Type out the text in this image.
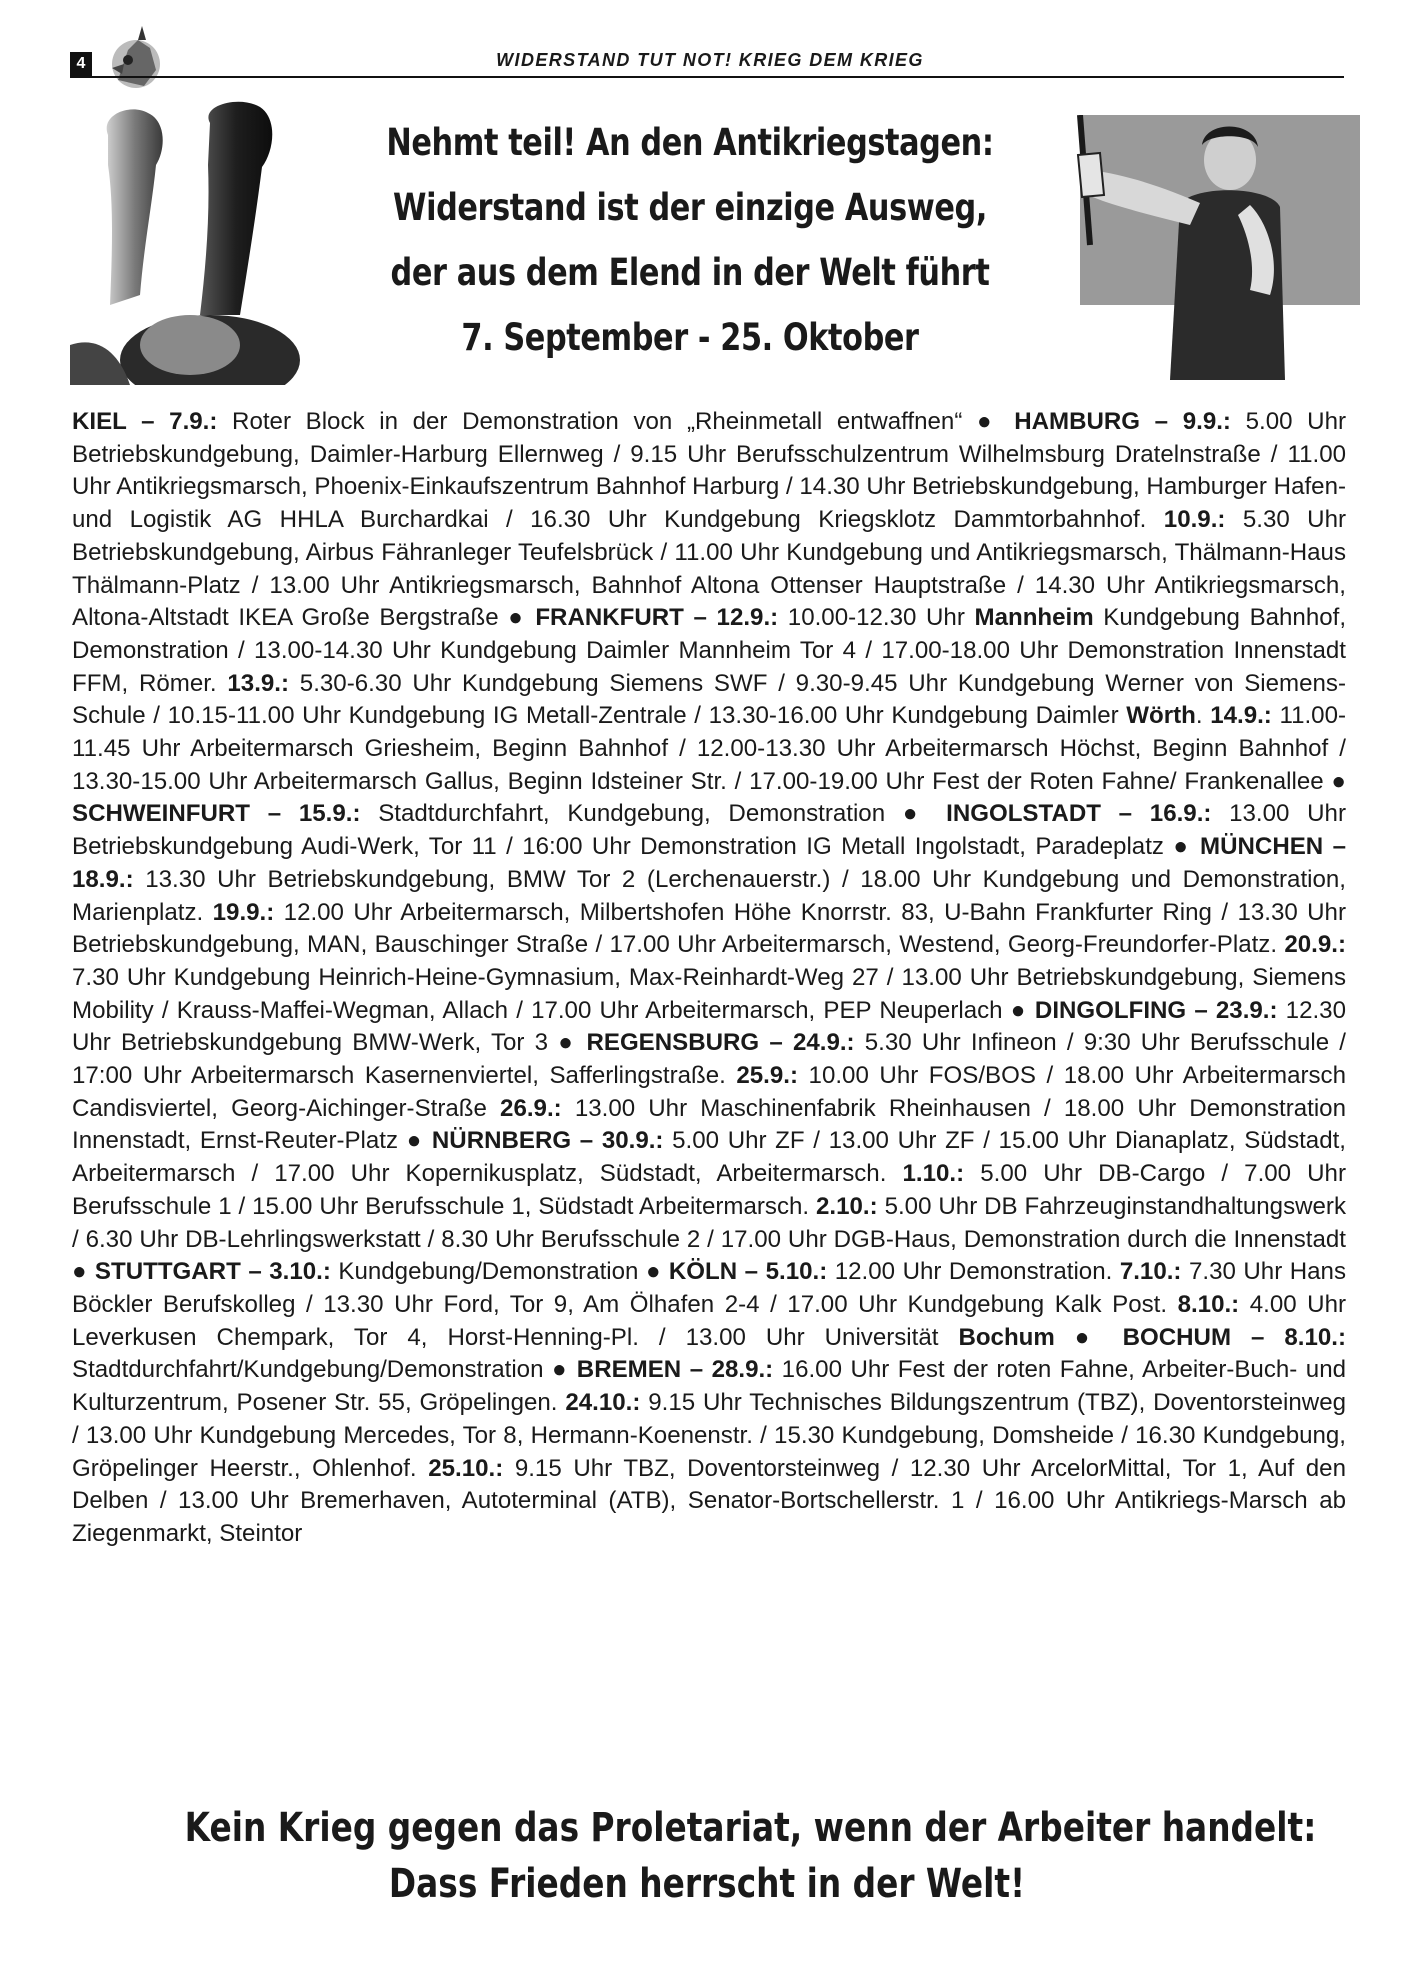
4	WIDERSTAND TUT NOT! KRIEG DEM KRIEG
Nehmt teil! An den Antikriegstagen:
Widerstand ist der einzige Ausweg,
der aus dem Elend in der Welt führt
7. September - 25. Oktober
KIEL – 7.9.: Roter Block in der Demonstration von „Rheinmetall entwaffnen“ ● HAMBURG – 9.9.: 5.00 Uhr Betriebskundgebung, Daimler-Harburg Ellernweg / 9.15 Uhr Berufsschulzentrum Wilhelmsburg Dratelnstraße / 11.00 Uhr Antikriegsmarsch, Phoenix-Einkaufszentrum Bahnhof Harburg / 14.30 Uhr Betriebskundgebung, Hamburger Hafen- und Logistik AG HHLA Burchardkai / 16.30 Uhr Kundgebung Kriegsklotz Dammtorbahnhof. 10.9.: 5.30 Uhr Betriebskundgebung, Airbus Fähranleger Teufelsbrück / 11.00 Uhr Kundgebung und Antikriegsmarsch, Thälmann-Haus Thälmann-Platz / 13.00 Uhr Antikriegsmarsch, Bahnhof Altona Ottenser Hauptstraße / 14.30 Uhr Antikriegsmarsch, Altona-Altstadt IKEA Große Bergstraße ● FRANKFURT – 12.9.: 10.00-12.30 Uhr Mannheim Kundgebung Bahnhof, Demonstration / 13.00-14.30 Uhr Kundgebung Daimler Mannheim Tor 4 / 17.00-18.00 Uhr Demonstration Innenstadt FFM, Römer. 13.9.: 5.30-6.30 Uhr Kundgebung Siemens SWF / 9.30-9.45 Uhr Kundgebung Werner von Siemens-Schule / 10.15-11.00 Uhr Kundgebung IG Metall-Zentrale / 13.30-16.00 Uhr Kundgebung Daimler Wörth. 14.9.: 11.00-11.45 Uhr Arbeitermarsch Griesheim, Beginn Bahnhof / 12.00-13.30 Uhr Arbeitermarsch Höchst, Beginn Bahnhof / 13.30-15.00 Uhr Arbeitermarsch Gallus, Beginn Idsteiner Str. / 17.00-19.00 Uhr Fest der Roten Fahne/ Frankenallee ● SCHWEINFURT – 15.9.: Stadtdurchfahrt, Kundgebung, Demonstration ● INGOLSTADT – 16.9.: 13.00 Uhr Betriebskundgebung Audi-Werk, Tor 11 / 16:00 Uhr Demonstration IG Metall Ingolstadt, Paradeplatz ● MÜNCHEN – 18.9.: 13.30 Uhr Betriebskundgebung, BMW Tor 2 (Lerchenauerstr.) / 18.00 Uhr Kundgebung und Demonstration, Marienplatz. 19.9.: 12.00 Uhr Arbeitermarsch, Milbertshofen Höhe Knorrstr. 83, U-Bahn Frankfurter Ring / 13.30 Uhr Betriebskundgebung, MAN, Bauschinger Straße / 17.00 Uhr Arbeitermarsch, Westend, Georg-Freundorfer-Platz. 20.9.: 7.30 Uhr Kundgebung Heinrich-Heine-Gymnasium, Max-Reinhardt-Weg 27 / 13.00 Uhr Betriebskundgebung, Siemens Mobility / Krauss-Maffei-Wegman, Allach / 17.00 Uhr Arbeitermarsch, PEP Neuperlach ● DINGOLFING – 23.9.: 12.30 Uhr Betriebskundgebung BMW-Werk, Tor 3 ● REGENSBURG – 24.9.: 5.30 Uhr Infineon / 9:30 Uhr Berufsschule / 17:00 Uhr Arbeitermarsch Kasernenviertel, Safferlingstraße. 25.9.: 10.00 Uhr FOS/BOS / 18.00 Uhr Arbeitermarsch Candisviertel, Georg-Aichinger-Straße 26.9.: 13.00 Uhr Maschinenfabrik Rheinhausen / 18.00 Uhr Demonstration Innenstadt, Ernst-Reuter-Platz ● NÜRNBERG – 30.9.: 5.00 Uhr ZF / 13.00 Uhr ZF / 15.00 Uhr Dianaplatz, Südstadt, Arbeitermarsch / 17.00 Uhr Kopernikusplatz, Südstadt, Arbeitermarsch. 1.10.: 5.00 Uhr DB-Cargo / 7.00 Uhr Berufsschule 1 / 15.00 Uhr Berufsschule 1, Südstadt Arbeitermarsch. 2.10.: 5.00 Uhr DB Fahrzeuginstandhaltungswerk / 6.30 Uhr DB-Lehrlingswerkstatt / 8.30 Uhr Berufsschule 2 / 17.00 Uhr DGB-Haus, Demonstration durch die Innenstadt ● STUTTGART – 3.10.: Kundgebung/Demonstration ● KÖLN – 5.10.: 12.00 Uhr Demonstration. 7.10.: 7.30 Uhr Hans Böckler Berufskolleg / 13.30 Uhr Ford, Tor 9, Am Ölhafen 2-4 / 17.00 Uhr Kundgebung Kalk Post. 8.10.: 4.00 Uhr Leverkusen Chempark, Tor 4, Horst-Henning-Pl. / 13.00 Uhr Universität Bochum ● BOCHUM – 8.10.: Stadtdurchfahrt/Kundgebung/Demonstration ● BREMEN – 28.9.: 16.00 Uhr Fest der roten Fahne, Arbeiter-Buch- und Kulturzentrum, Posener Str. 55, Gröpelingen. 24.10.: 9.15 Uhr Technisches Bildungszentrum (TBZ), Doventorsteinweg / 13.00 Uhr Kundgebung Mercedes, Tor 8, Hermann-Koenenstr. / 15.30 Kundgebung, Domsheide / 16.30 Kundgebung, Gröpelinger Heerstr., Ohlenhof. 25.10.: 9.15 Uhr TBZ, Doventorsteinweg / 12.30 Uhr ArcelorMittal, Tor 1, Auf den Delben / 13.00 Uhr Bremerhaven, Autoterminal (ATB), Senator-Bortschellerstr. 1 / 16.00 Uhr Antikriegs-Marsch ab Ziegenmarkt, Steintor
Kein Krieg gegen das Proletariat, wenn der Arbeiter handelt:
Dass Frieden herrscht in der Welt!
